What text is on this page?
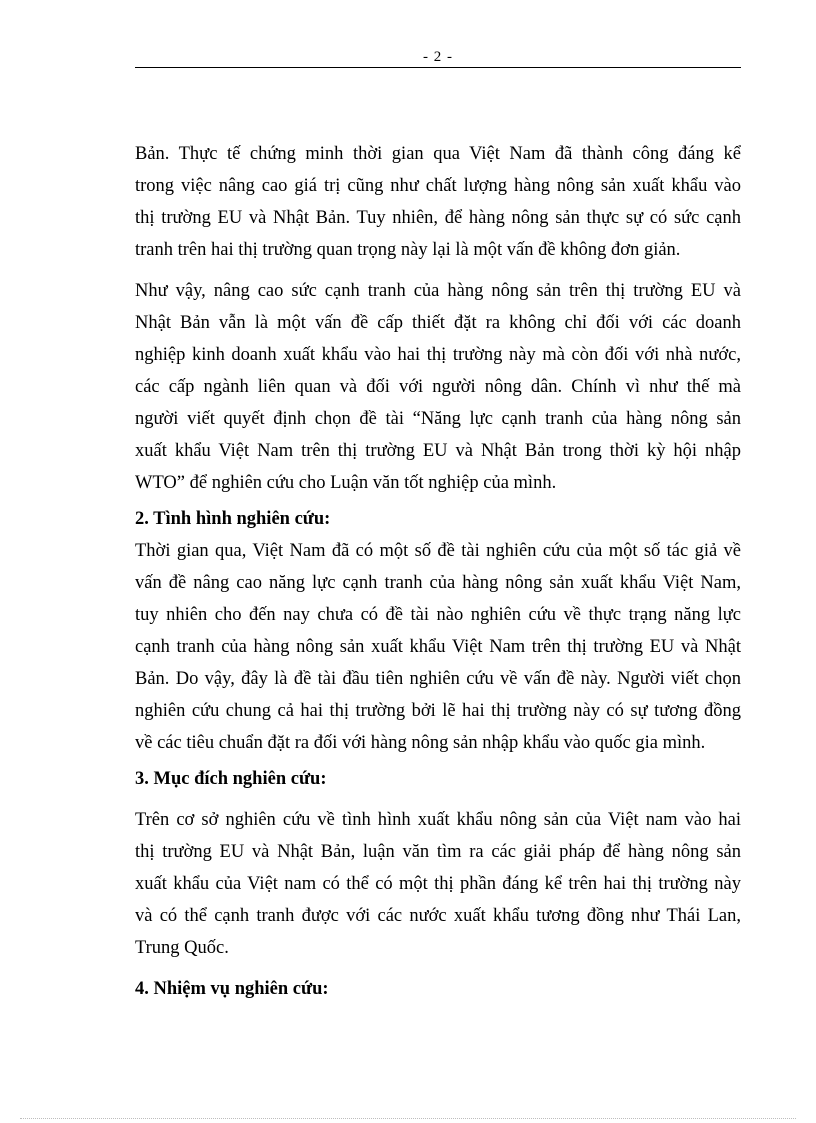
- 2 -
Bản. Thực tế chứng minh thời gian qua Việt Nam đã thành công đáng kể
trong việc nâng cao giá trị cũng như chất lượng hàng nông sản xuất khẩu vào
thị trường EU và Nhật Bản. Tuy nhiên, để hàng nông sản thực sự có sức cạnh
tranh trên hai thị trường quan trọng này lại là một vấn đề không đơn giản.
Như vậy, nâng cao sức cạnh tranh của hàng nông sản trên thị trường EU và
Nhật Bản vẫn là một vấn đề cấp thiết đặt ra không chỉ đối với các doanh
nghiệp kinh doanh xuất khẩu vào hai thị trường này mà còn đối với nhà nước,
các cấp ngành liên quan và đối với người nông dân. Chính vì như thế mà
người viết quyết định chọn đề tài “Năng lực cạnh tranh của hàng nông sản
xuất khẩu Việt Nam trên thị trường EU và Nhật Bản trong thời kỳ hội nhập
WTO” để nghiên cứu cho Luận văn tốt nghiệp của mình.
2. Tình hình nghiên cứu:
Thời gian qua, Việt Nam đã có một số đề tài nghiên cứu của một số tác giả về
vấn đề nâng cao năng lực cạnh tranh của hàng nông sản xuất khẩu Việt Nam,
tuy nhiên cho đến nay chưa có đề tài nào nghiên cứu về thực trạng năng lực
cạnh tranh của hàng nông sản xuất khẩu Việt Nam trên thị trường EU và Nhật
Bản. Do vậy, đây là đề tài đầu tiên nghiên cứu về vấn đề này. Người viết chọn
nghiên cứu chung cả hai thị trường bởi lẽ hai thị trường này có sự tương đồng
về các tiêu chuẩn đặt ra đối với hàng nông sản nhập khẩu vào quốc gia mình.
3. Mục đích nghiên cứu:
Trên cơ sở nghiên cứu về tình hình xuất khẩu nông sản của Việt nam vào hai
thị trường EU và Nhật Bản, luận văn tìm ra các giải pháp để hàng nông sản
xuất khẩu của Việt nam có thể có một thị phần đáng kể trên hai thị trường này
và có thể cạnh tranh được với các nước xuất khẩu tương đồng như Thái Lan,
Trung Quốc.
4. Nhiệm vụ nghiên cứu:
